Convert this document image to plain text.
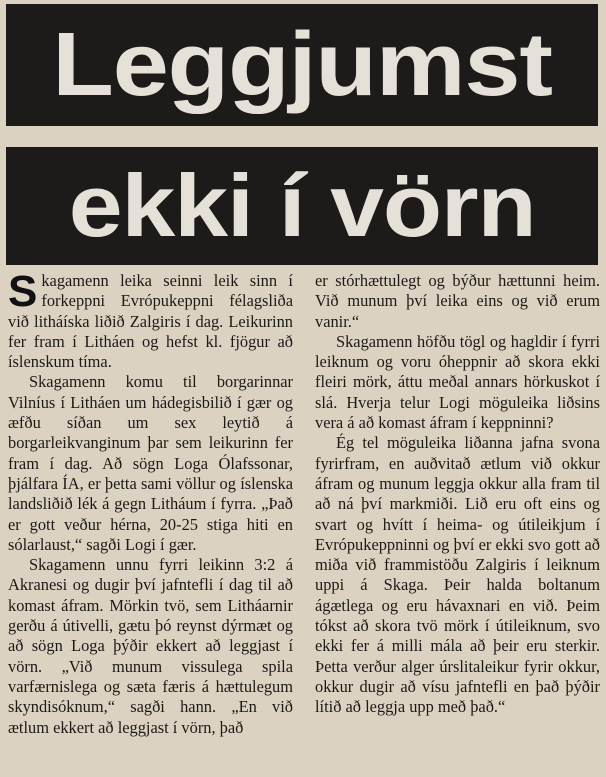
Leggjumst
ekki í vörn

Skagamenn leika seinni leik sinn í forkeppni Evrópukeppni félagsliða við litháíska liðið Zalgiris í dag. Leikurinn fer fram í Litháen og hefst kl. fjögur að íslenskum tíma.

Skagamenn komu til borgarinnar Vilníus í Litháen um hádegisbilið í gær og æfðu síðan um sex leytið á borgarleikvanginum þar sem leikurinn fer fram í dag. Að sögn Loga Ólafssonar, þjálfara ÍA, er þetta sami völlur og íslenska landsliðið lék á gegn Litháum í fyrra. „Það er gott veður hérna, 20-25 stiga hiti en sólarlaust,“ sagði Logi í gær.

Skagamenn unnu fyrri leikinn 3:2 á Akranesi og dugir því jafntefli í dag til að komast áfram. Mörkin tvö, sem Litháarnir gerðu á útivelli, gætu þó reynst dýrmæt og að sögn Loga þýðir ekkert að leggjast í vörn. „Við munum vissulega spila varfærnislega og sæta færis á hættulegum skyndisóknum,“ sagði hann. „En við ætlum ekkert að leggjast í vörn, það

er stórhættulegt og býður hættunni heim. Við munum því leika eins og við erum vanir.“

Skagamenn höfðu tögl og hagldir í fyrri leiknum og voru óheppnir að skora ekki fleiri mörk, áttu meðal annars hörkuskot í slá. Hverja telur Logi möguleika liðsins vera á að komast áfram í keppninni?

Ég tel möguleika liðanna jafna svona fyrirfram, en auðvitað ætlum við okkur áfram og munum leggja okkur alla fram til að ná því markmiði. Lið eru oft eins og svart og hvítt í heima- og útileikjum í Evrópukeppninni og því er ekki svo gott að miða við frammistöðu Zalgiris í leiknum uppi á Skaga. Þeir halda boltanum ágætlega og eru hávaxnari en við. Þeim tókst að skora tvö mörk í útileiknum, svo ekki fer á milli mála að þeir eru sterkir. Þetta verður alger úrslitaleikur fyrir okkur, okkur dugir að vísu jafntefli en það þýðir lítið að leggja upp með það.“
